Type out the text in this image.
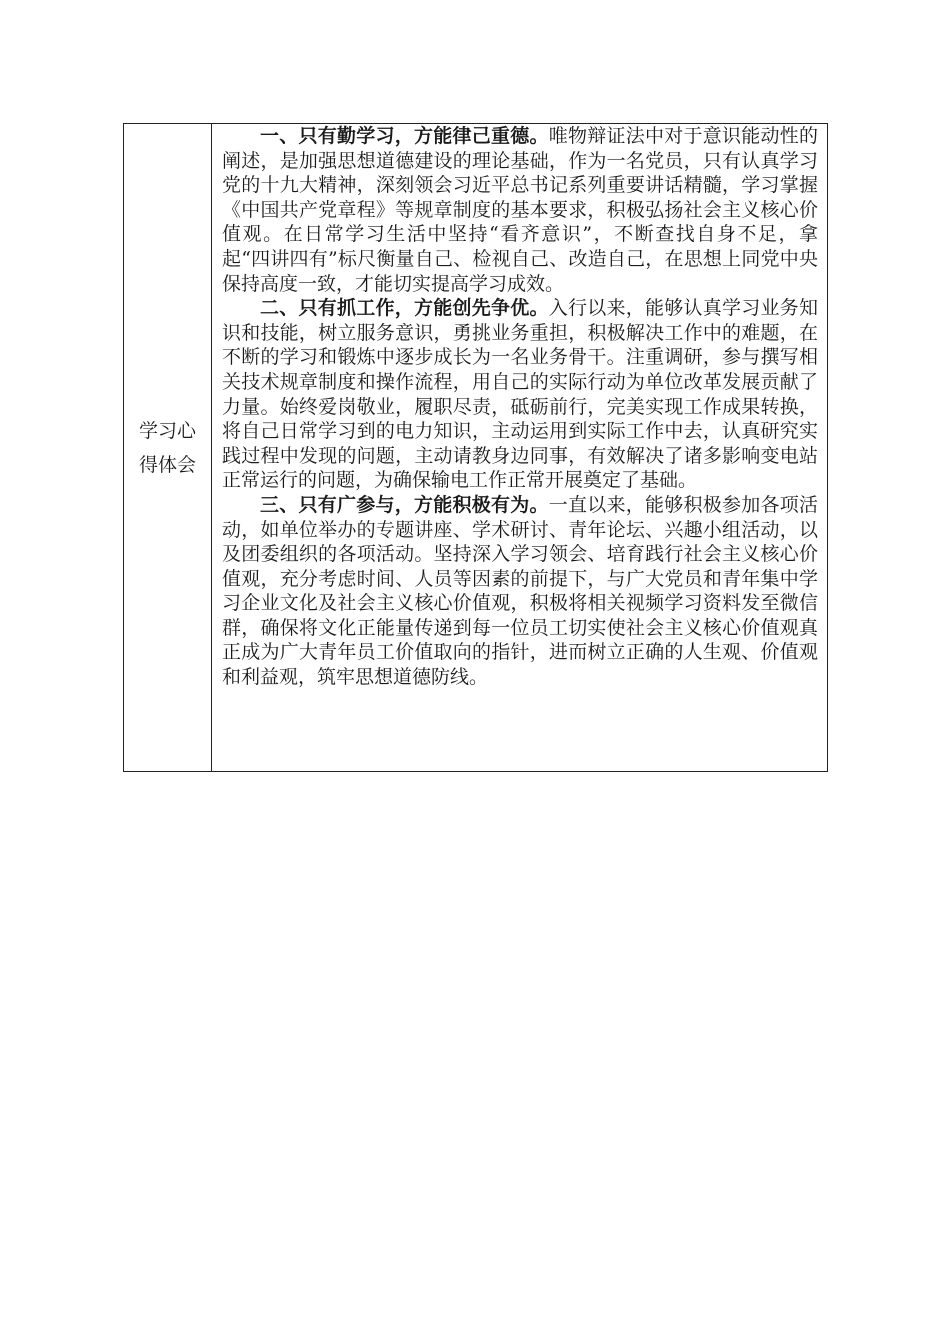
学习心得体会

一、只有勤学习，方能律己重德。唯物辩证法中对于意识能动性的阐述，是加强思想道德建设的理论基础，作为一名党员，只有认真学习党的十九大精神，深刻领会习近平总书记系列重要讲话精髓，学习掌握《中国共产党章程》等规章制度的基本要求，积极弘扬社会主义核心价值观。在日常学习生活中坚持“看齐意识”，不断查找自身不足，拿起“四讲四有”标尺衡量自己、检视自己、改造自己，在思想上同党中央保持高度一致，才能切实提高学习成效。

二、只有抓工作，方能创先争优。入行以来，能够认真学习业务知识和技能，树立服务意识，勇挑业务重担，积极解决工作中的难题，在不断的学习和锻炼中逐步成长为一名业务骨干。注重调研，参与撰写相关技术规章制度和操作流程，用自己的实际行动为单位改革发展贡献了力量。始终爱岗敬业，履职尽责，砥砺前行，完美实现工作成果转换，将自己日常学习到的电力知识，主动运用到实际工作中去，认真研究实践过程中发现的问题，主动请教身边同事，有效解决了诸多影响变电站正常运行的问题，为确保输电工作正常开展奠定了基础。

三、只有广参与，方能积极有为。一直以来，能够积极参加各项活动，如单位举办的专题讲座、学术研讨、青年论坛、兴趣小组活动，以及团委组织的各项活动。坚持深入学习领会、培育践行社会主义核心价值观，充分考虑时间、人员等因素的前提下，与广大党员和青年集中学习企业文化及社会主义核心价值观，积极将相关视频学习资料发至微信群，确保将文化正能量传递到每一位员工切实使社会主义核心价值观真正成为广大青年员工价值取向的指针，进而树立正确的人生观、价值观和利益观，筑牢思想道德防线。
